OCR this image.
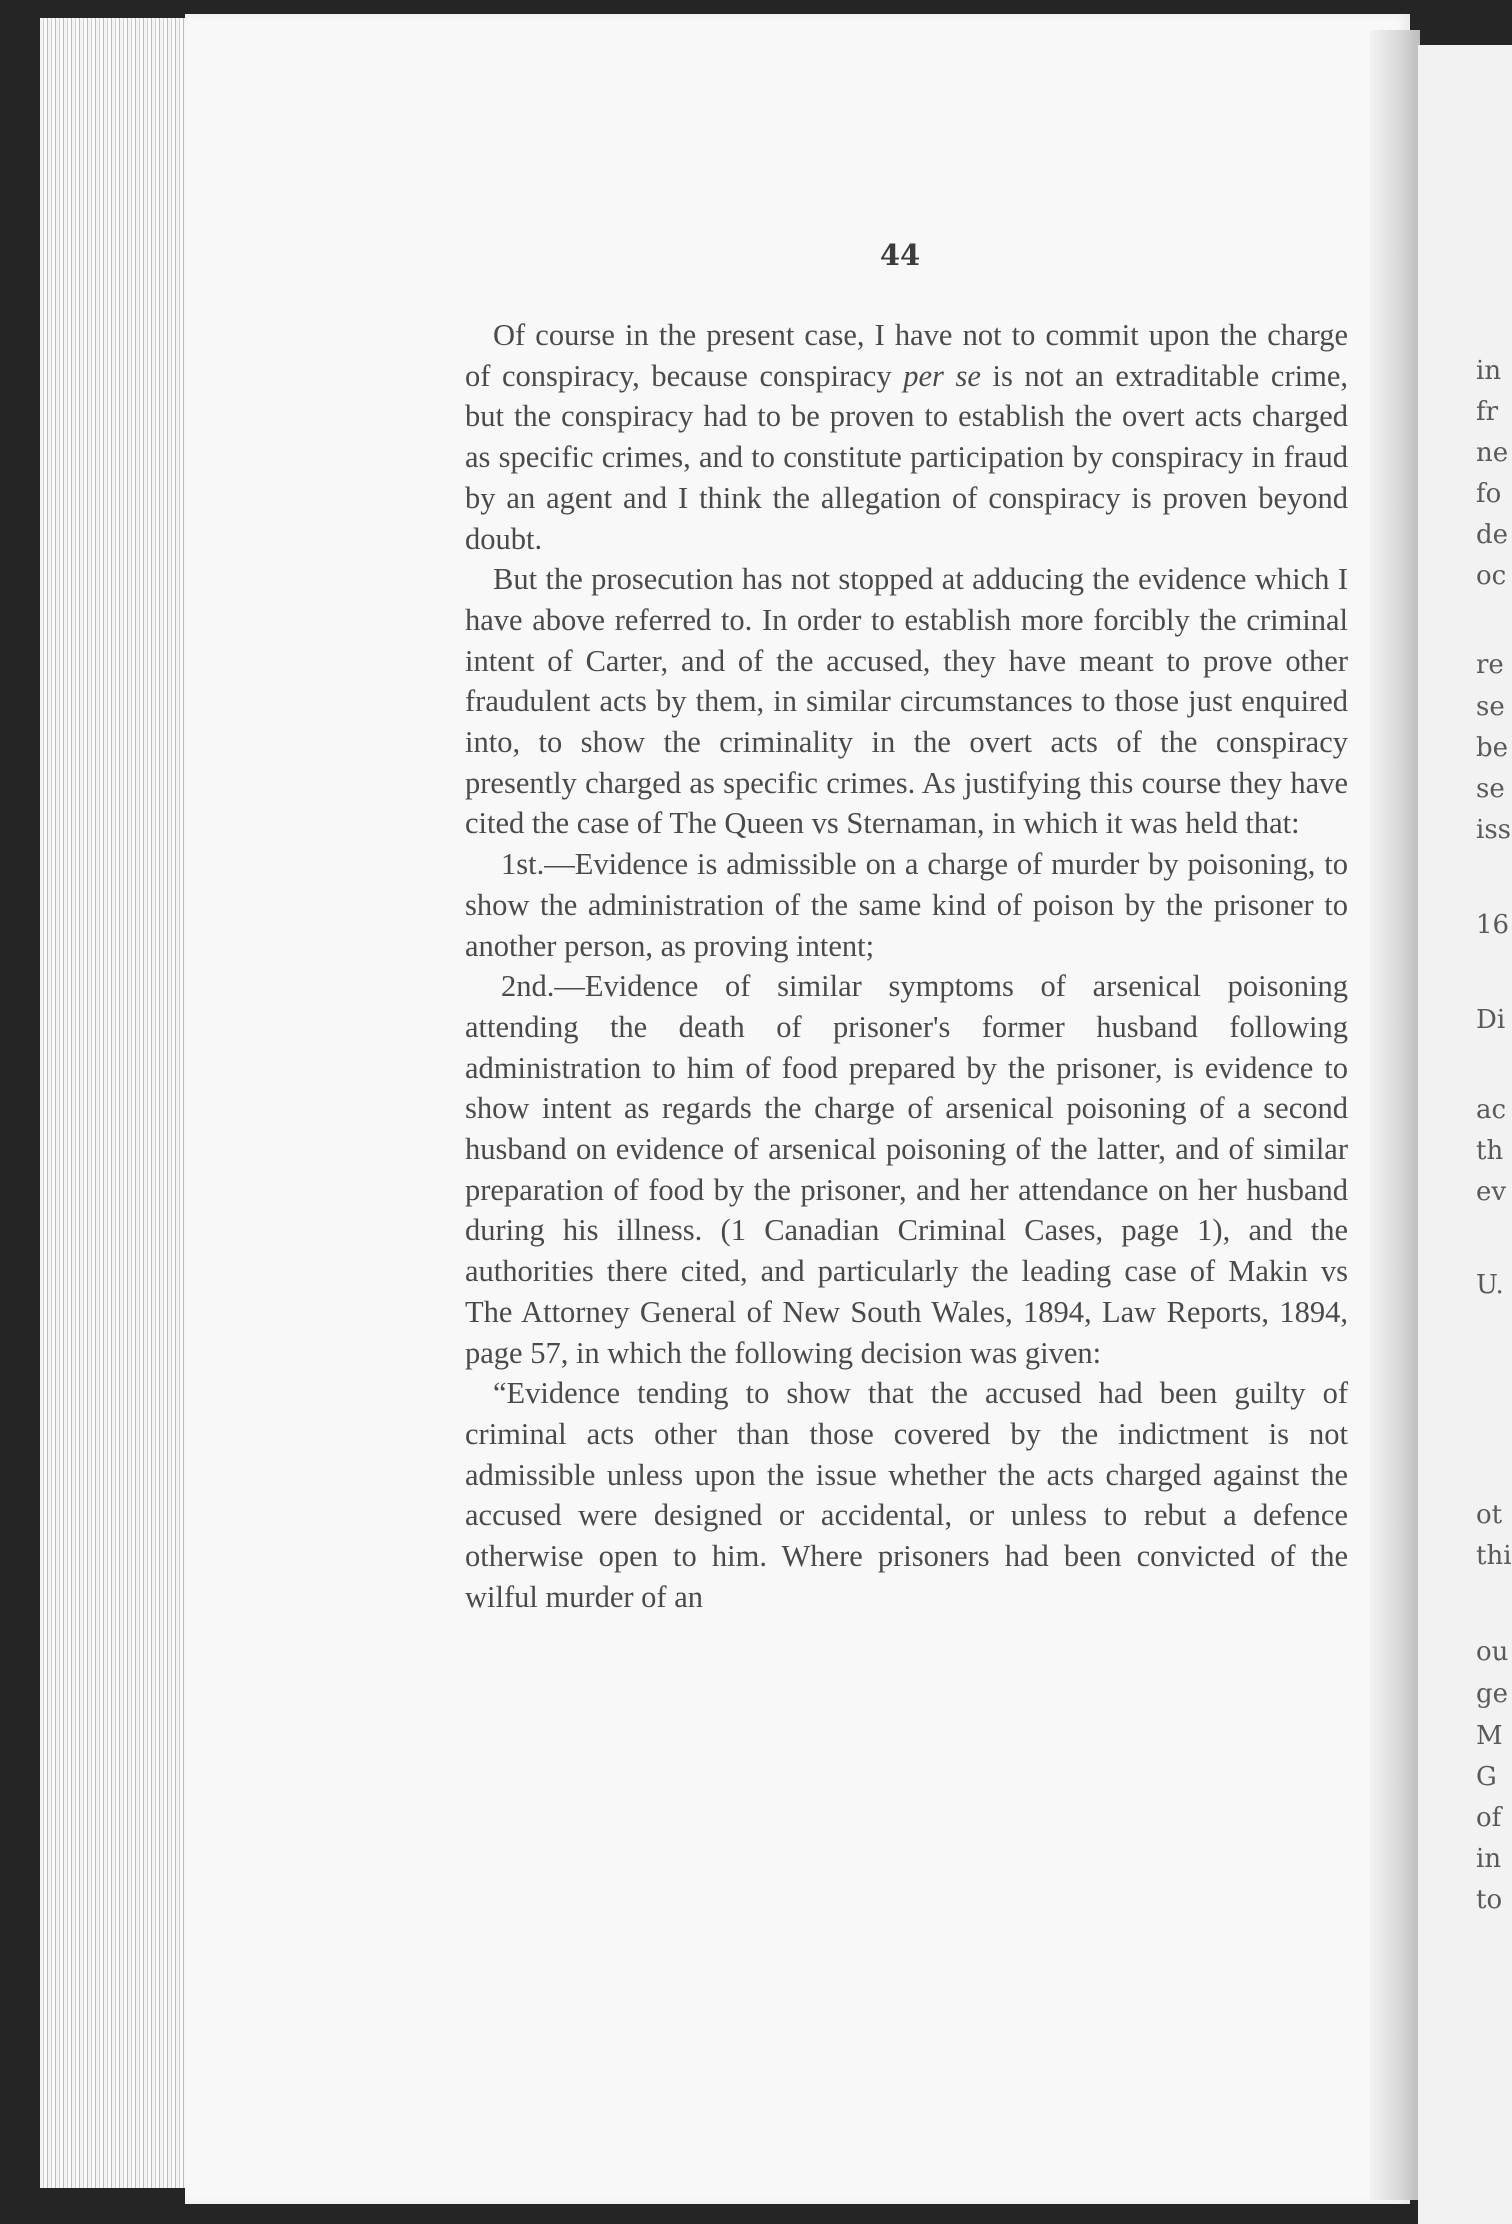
in
fr
ne
fo
de
oc
re
se
be
se
iss
16
Di
ac
th
ev
U.
ot
thi
ou
ge
M
G
of
in
to
44

Of course in the present case, I have not to commit upon the charge of conspiracy, because conspiracy per se is not an extraditable crime, but the conspiracy had to be proven to establish the overt acts charged as specific crimes, and to constitute participation by conspiracy in fraud by an agent and I think the allegation of conspiracy is proven beyond doubt.

But the prosecution has not stopped at adducing the evidence which I have above referred to. In order to establish more forcibly the criminal intent of Carter, and of the accused, they have meant to prove other fraudulent acts by them, in similar circumstances to those just enquired into, to show the criminality in the overt acts of the conspiracy presently charged as specific crimes. As justifying this course they have cited the case of The Queen vs Sternaman, in which it was held that:

1st.—Evidence is admissible on a charge of murder by poisoning, to show the administration of the same kind of poison by the prisoner to another person, as proving intent;

2nd.—Evidence of similar symptoms of arsenical poisoning attending the death of prisoner's former husband following administration to him of food prepared by the prisoner, is evidence to show intent as regards the charge of arsenical poisoning of a second husband on evidence of arsenical poisoning of the latter, and of similar preparation of food by the prisoner, and her attendance on her husband during his illness. (1 Canadian Criminal Cases, page 1), and the authorities there cited, and particularly the leading case of Makin vs The Attorney General of New South Wales, 1894, Law Reports, 1894, page 57, in which the following decision was given:

“Evidence tending to show that the accused had been guilty of criminal acts other than those covered by the indictment is not admissible unless upon the issue whether the acts charged against the accused were designed or accidental, or unless to rebut a defence otherwise open to him. Where prisoners had been convicted of the wilful murder of an
